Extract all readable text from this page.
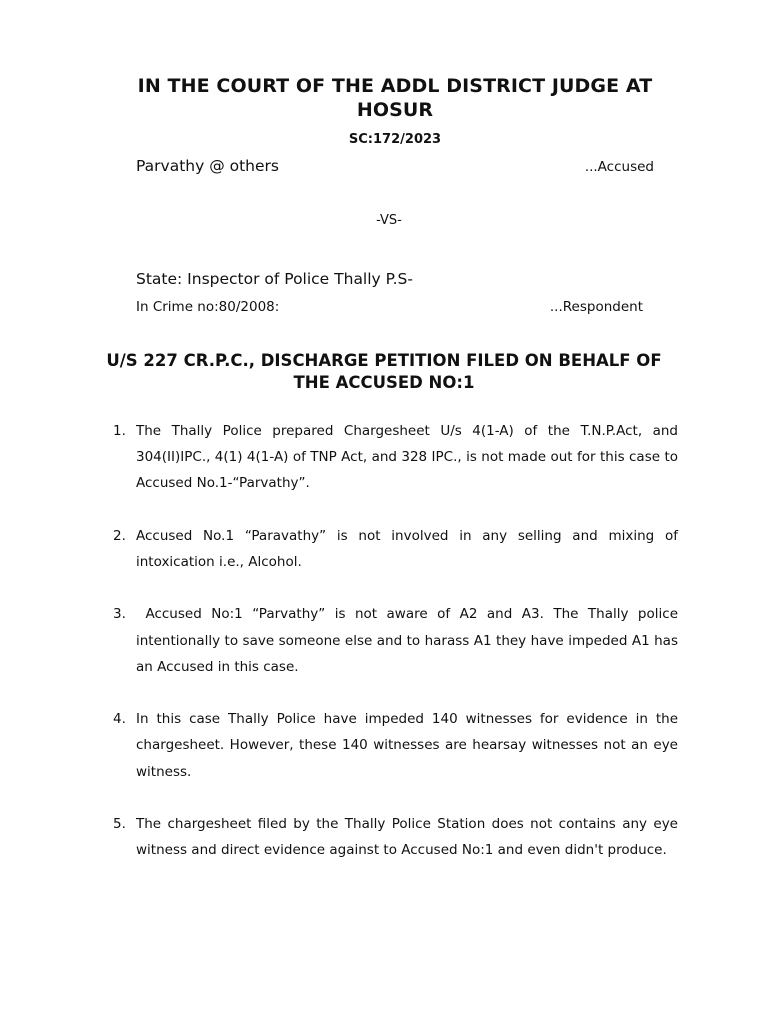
IN THE COURT OF THE ADDL DISTRICT JUDGE AT HOSUR
SC:172/2023
Parvathy @ others	...Accused
-VS-
State: Inspector of Police Thally P.S-
In Crime no:80/2008:	...Respondent
U/S 227 CR.P.C., DISCHARGE PETITION FILED ON BEHALF OF THE ACCUSED NO:1
1. The Thally Police prepared Chargesheet U/s 4(1-A) of the T.N.P.Act, and 304(II)IPC., 4(1) 4(1-A) of TNP Act, and 328 IPC., is not made out for this case to Accused No.1-“Parvathy”.
2. Accused No.1 “Paravathy” is not involved in any selling and mixing of intoxication i.e., Alcohol.
3. Accused No:1 “Parvathy” is not aware of A2 and A3. The Thally police intentionally to save someone else and to harass A1 they have impeded A1 has an Accused in this case.
4. In this case Thally Police have impeded 140 witnesses for evidence in the chargesheet. However, these 140 witnesses are hearsay witnesses not an eye witness.
5. The chargesheet filed by the Thally Police Station does not contains any eye witness and direct evidence against to Accused No:1 and even didn't produce.
